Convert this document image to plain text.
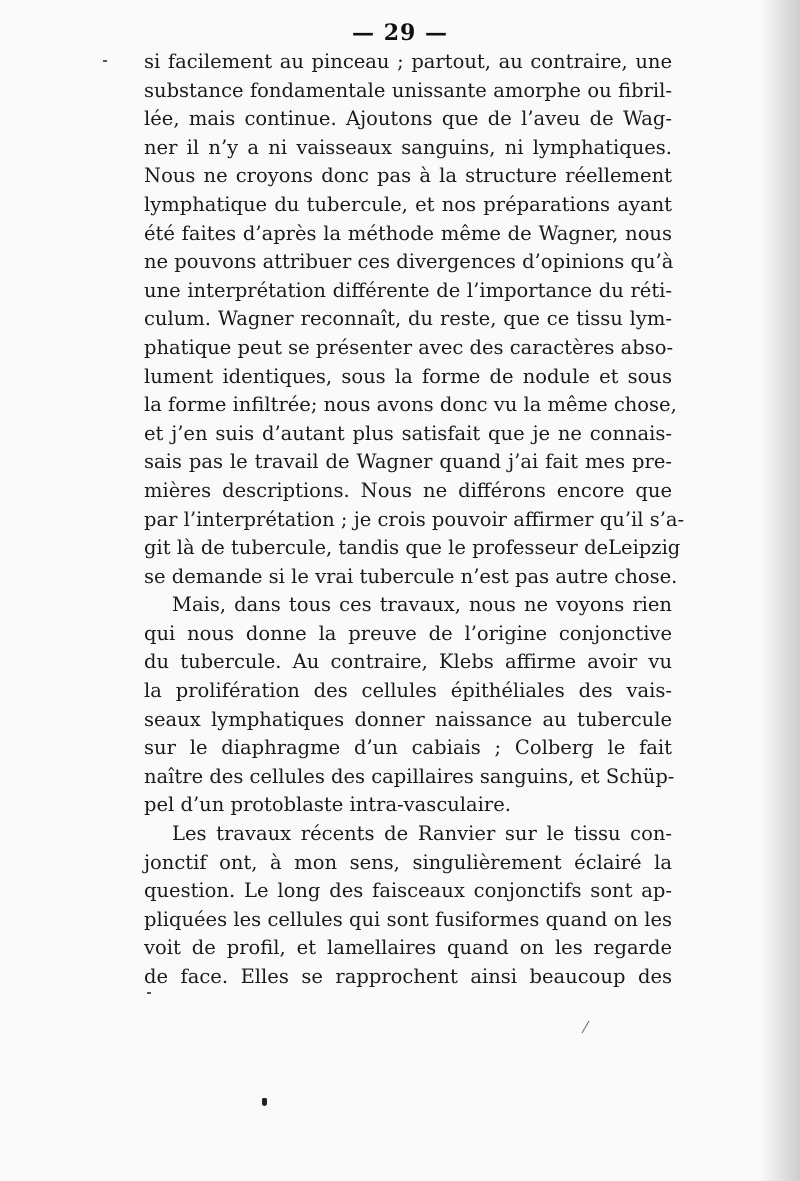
— 29 —
si facilement au pinceau ; partout, au contraire, une
substance fondamentale unissante amorphe ou fibril-
lée, mais continue. Ajoutons que de l’aveu de Wag-
ner il n’y a ni vaisseaux sanguins, ni lymphatiques.
Nous ne croyons donc pas à la structure réellement
lymphatique du tubercule, et nos préparations ayant
été faites d’après la méthode même de Wagner, nous
ne pouvons attribuer ces divergences d’opinions qu’à
une interprétation différente de l’importance du réti-
culum. Wagner reconnaît, du reste, que ce tissu lym-
phatique peut se présenter avec des caractères abso-
lument identiques, sous la forme de nodule et sous
la forme infiltrée; nous avons donc vu la même chose,
et j’en suis d’autant plus satisfait que je ne connais-
sais pas le travail de Wagner quand j’ai fait mes pre-
mières descriptions. Nous ne différons encore que
par l’interprétation ; je crois pouvoir affirmer qu’il s’a-
git là de tubercule, tandis que le professeur deLeipzig
se demande si le vrai tubercule n’est pas autre chose.
Mais, dans tous ces travaux, nous ne voyons rien
qui nous donne la preuve de l’origine conjonctive
du tubercule. Au contraire, Klebs affirme avoir vu
la prolifération des cellules épithéliales des vais-
seaux lymphatiques donner naissance au tubercule
sur le diaphragme d’un cabiais ; Colberg le fait
naître des cellules des capillaires sanguins, et Schüp-
pel d’un protoblaste intra-vasculaire.
Les travaux récents de Ranvier sur le tissu con-
jonctif ont, à mon sens, singulièrement éclairé la
question. Le long des faisceaux conjonctifs sont ap-
pliquées les cellules qui sont fusiformes quand on les
voit de profil, et lamellaires quand on les regarde
de face. Elles se rapprochent ainsi beaucoup des
